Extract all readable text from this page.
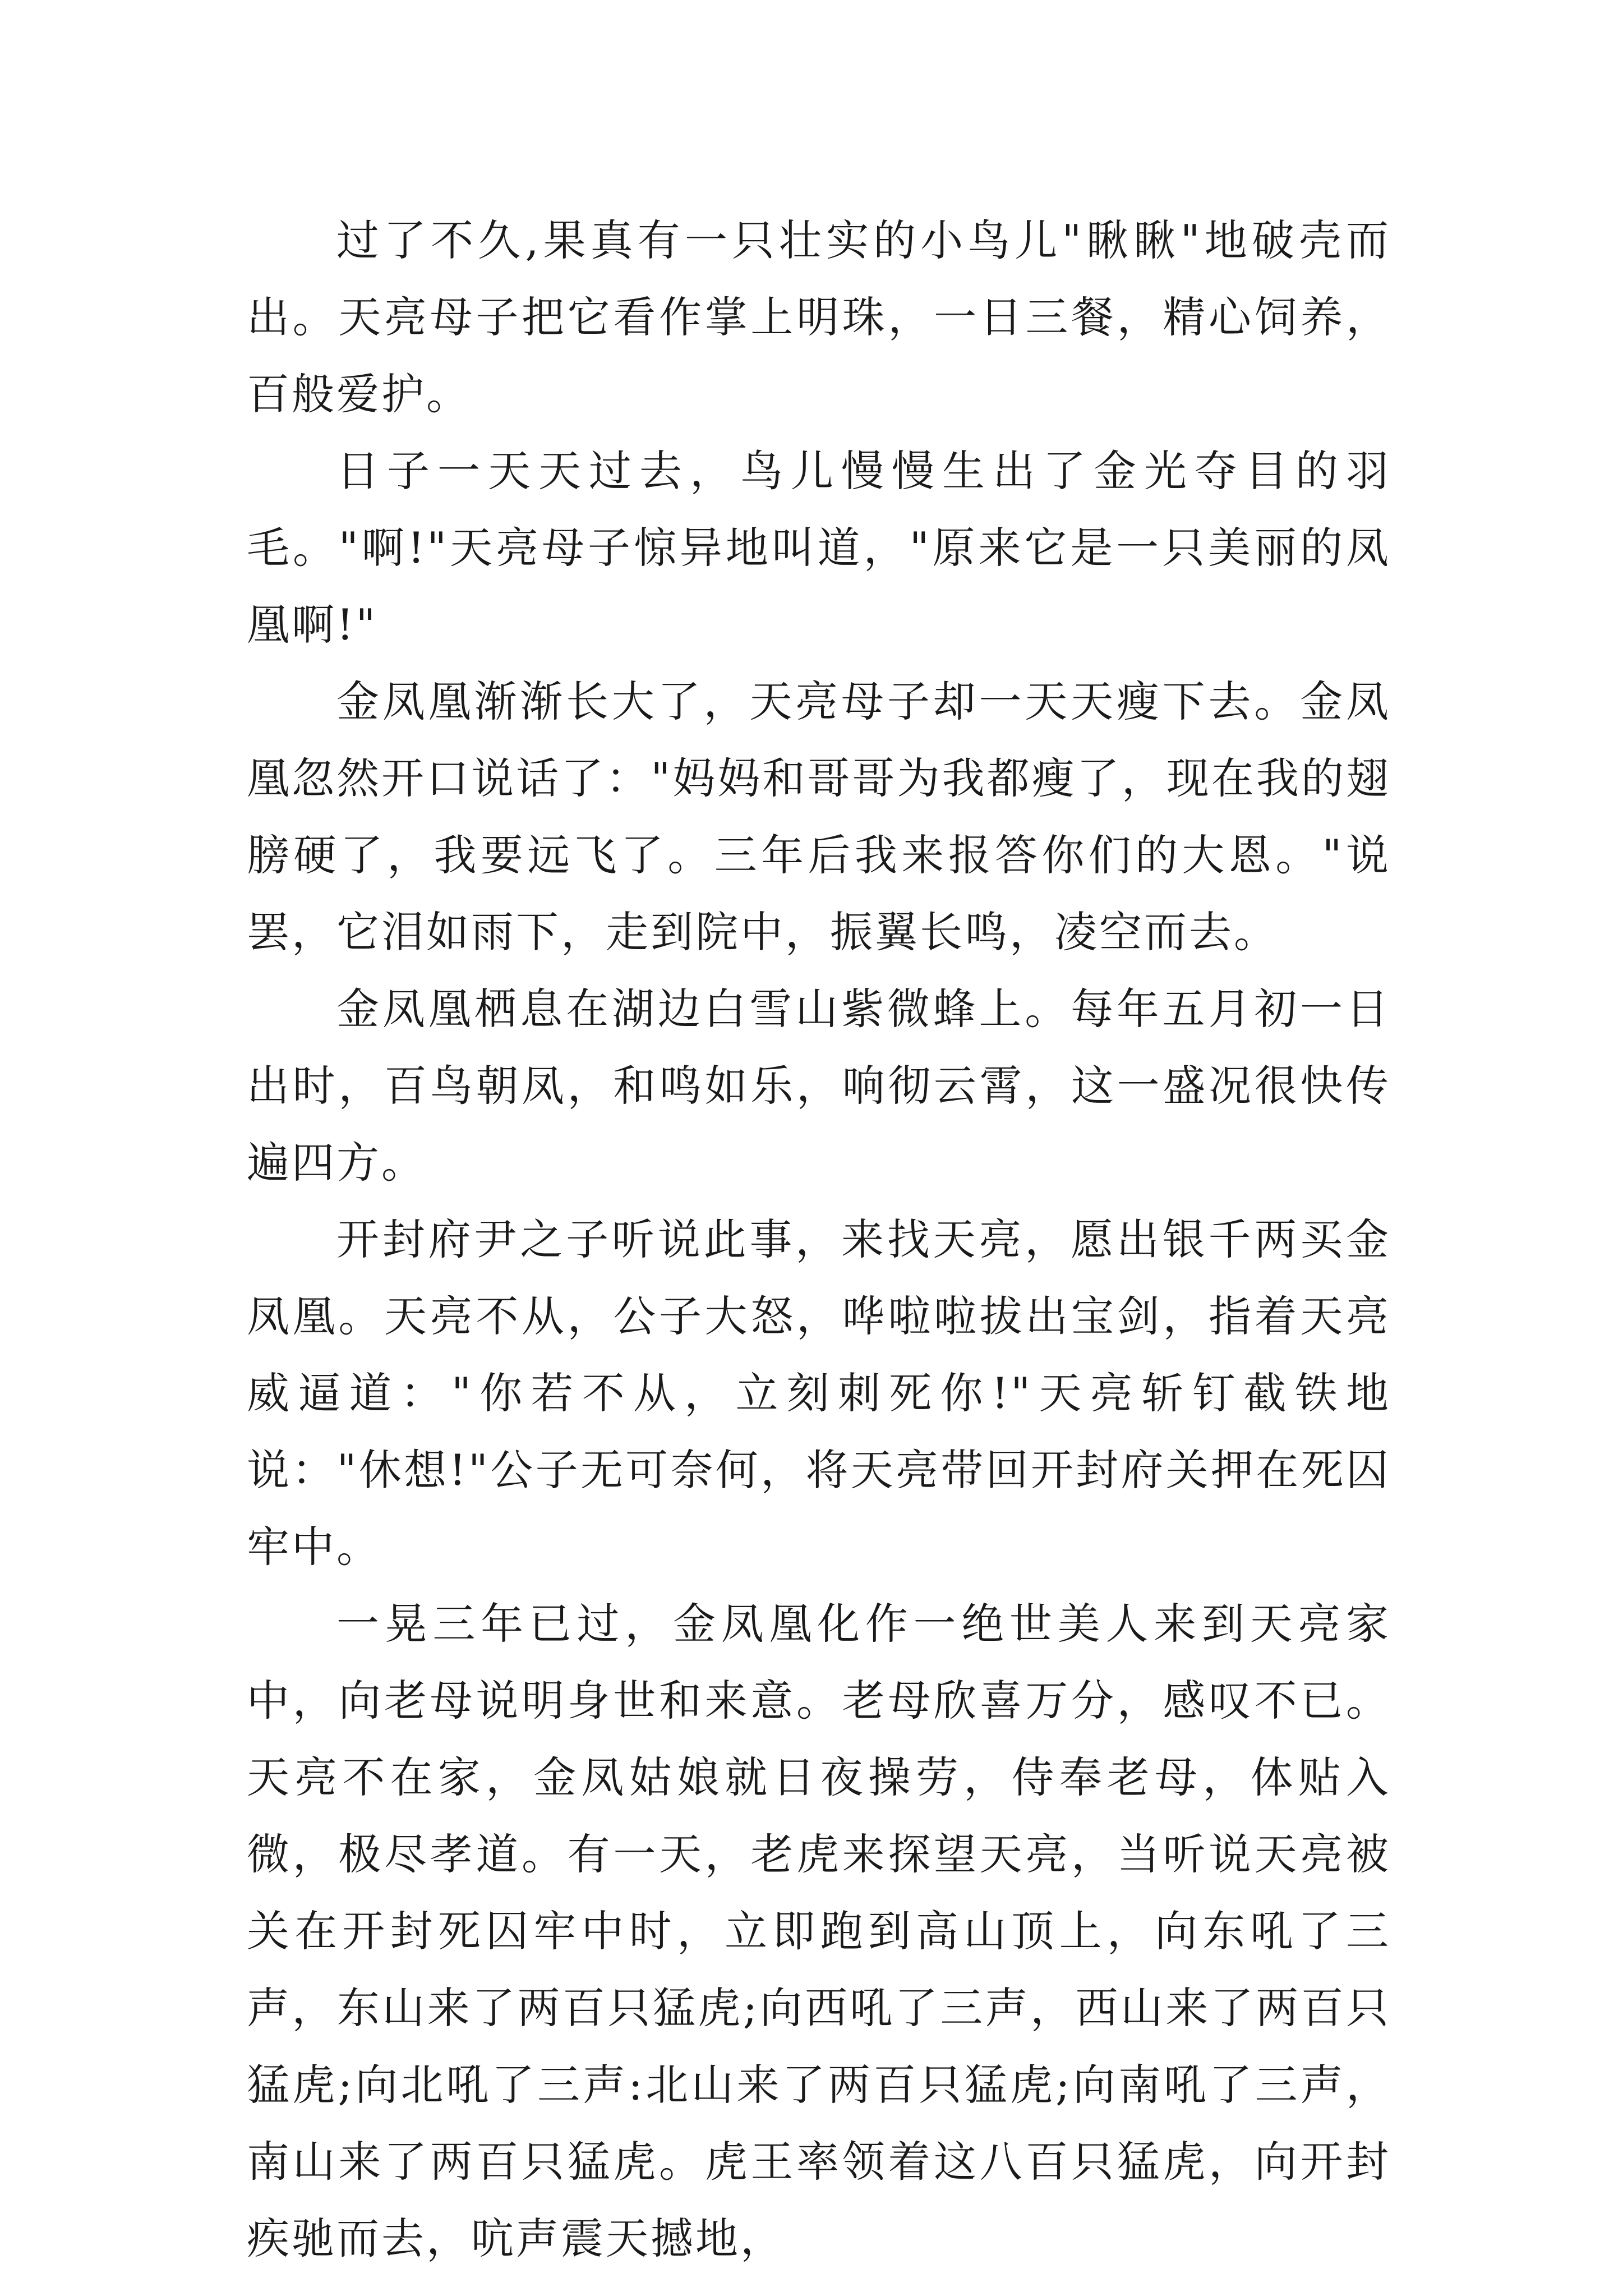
过了不久,果真有一只壮实的小鸟儿"瞅瞅"地破壳而出。天亮母子把它看作掌上明珠，一日三餐，精心饲养，百般爱护。

日子一天天过去，鸟儿慢慢生出了金光夺目的羽毛。"啊!"天亮母子惊异地叫道，"原来它是一只美丽的凤凰啊!"

金凤凰渐渐长大了，天亮母子却一天天瘦下去。金凤凰忽然开口说话了："妈妈和哥哥为我都瘦了，现在我的翅膀硬了，我要远飞了。三年后我来报答你们的大恩。"说罢，它泪如雨下，走到院中，振翼长鸣，凌空而去。

金凤凰栖息在湖边白雪山紫微蜂上。每年五月初一日出时，百鸟朝凤，和鸣如乐，响彻云霄，这一盛况很快传遍四方。

开封府尹之子听说此事，来找天亮，愿出银千两买金凤凰。天亮不从，公子大怒，哗啦啦拔出宝剑，指着天亮威逼道："你若不从，立刻刺死你!"天亮斩钉截铁地说："休想!"公子无可奈何，将天亮带回开封府关押在死囚牢中。

一晃三年已过，金凤凰化作一绝世美人来到天亮家中，向老母说明身世和来意。老母欣喜万分，感叹不已。天亮不在家，金凤姑娘就日夜操劳，侍奉老母，体贴入微，极尽孝道。有一天，老虎来探望天亮，当听说天亮被关在开封死囚牢中时，立即跑到高山顶上，向东吼了三声，东山来了两百只猛虎;向西吼了三声，西山来了两百只猛虎;向北吼了三声:北山来了两百只猛虎;向南吼了三声，南山来了两百只猛虎。虎王率领着这八百只猛虎，向开封疾驰而去，吭声震天撼地，
